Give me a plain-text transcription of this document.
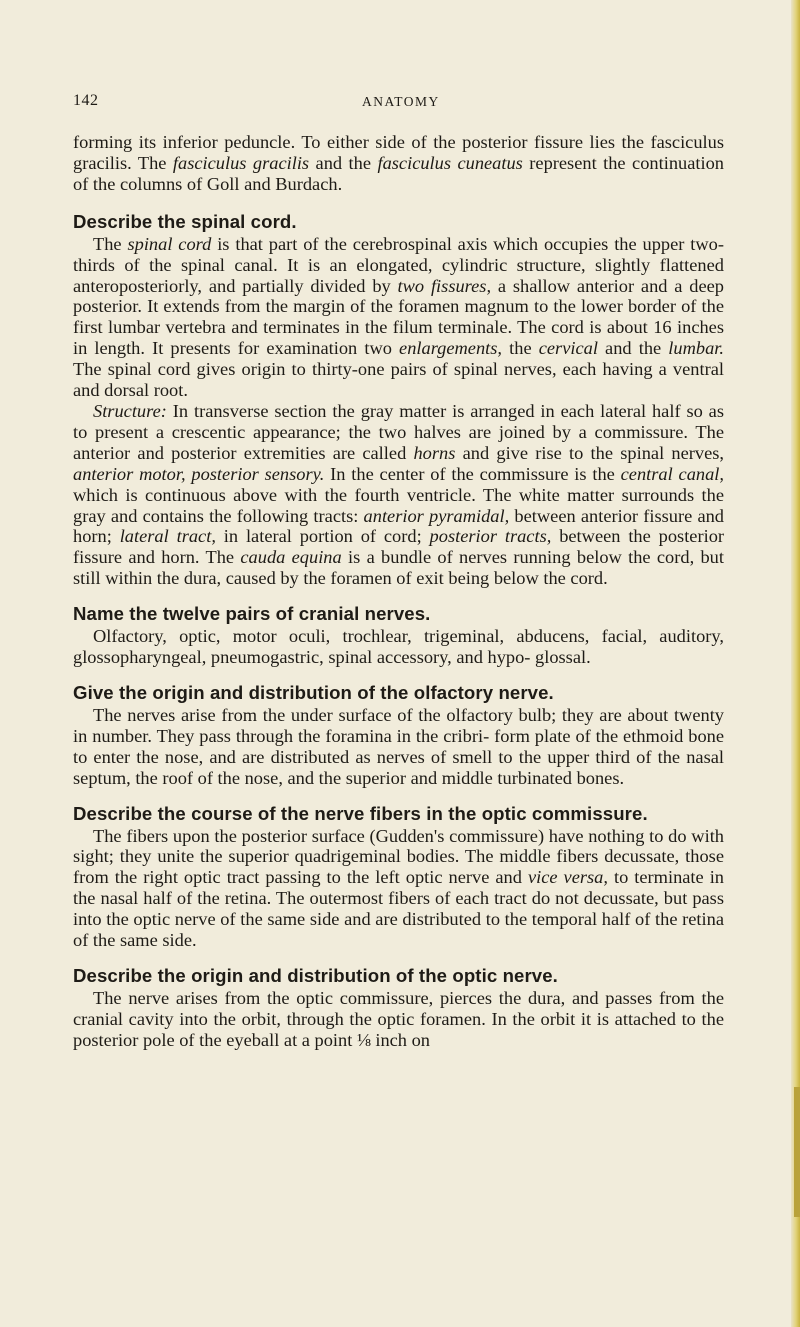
142	ANATOMY

forming its inferior peduncle. To either side of the posterior fissure lies the fasciculus gracilis. The fasciculus gracilis and the fasciculus cuneatus represent the continuation of the columns of Goll and Burdach.

Describe the spinal cord.

The spinal cord is that part of the cerebrospinal axis which occupies the upper two-thirds of the spinal canal. It is an elongated, cylindric structure, slightly flattened anteroposteriorly, and partially divided by two fissures, a shallow anterior and a deep posterior. It extends from the margin of the foramen magnum to the lower border of the first lumbar vertebra and terminates in the filum terminale. The cord is about 16 inches in length. It presents for examination two enlargements, the cervical and the lumbar. The spinal cord gives origin to thirty-one pairs of spinal nerves, each having a ventral and dorsal root.

Structure: In transverse section the gray matter is arranged in each lateral half so as to present a crescentic appearance; the two halves are joined by a commissure. The anterior and posterior extremities are called horns and give rise to the spinal nerves, anterior motor, posterior sensory. In the center of the commissure is the central canal, which is continuous above with the fourth ventricle. The white matter surrounds the gray and contains the following tracts: anterior pyramidal, between anterior fissure and horn; lateral tract, in lateral portion of cord; posterior tracts, between the posterior fissure and horn. The cauda equina is a bundle of nerves running below the cord, but still within the dura, caused by the foramen of exit being below the cord.

Name the twelve pairs of cranial nerves.

Olfactory, optic, motor oculi, trochlear, trigeminal, abducens, facial, auditory, glossopharyngeal, pneumogastric, spinal accessory, and hypo- glossal.

Give the origin and distribution of the olfactory nerve.

The nerves arise from the under surface of the olfactory bulb; they are about twenty in number. They pass through the foramina in the cribri- form plate of the ethmoid bone to enter the nose, and are distributed as nerves of smell to the upper third of the nasal septum, the roof of the nose, and the superior and middle turbinated bones.

Describe the course of the nerve fibers in the optic commissure.

The fibers upon the posterior surface (Gudden's commissure) have nothing to do with sight; they unite the superior quadrigeminal bodies. The middle fibers decussate, those from the right optic tract passing to the left optic nerve and vice versa, to terminate in the nasal half of the retina. The outermost fibers of each tract do not decussate, but pass into the optic nerve of the same side and are distributed to the temporal half of the retina of the same side.

Describe the origin and distribution of the optic nerve.

The nerve arises from the optic commissure, pierces the dura, and passes from the cranial cavity into the orbit, through the optic foramen. In the orbit it is attached to the posterior pole of the eyeball at a point ⅛ inch on
